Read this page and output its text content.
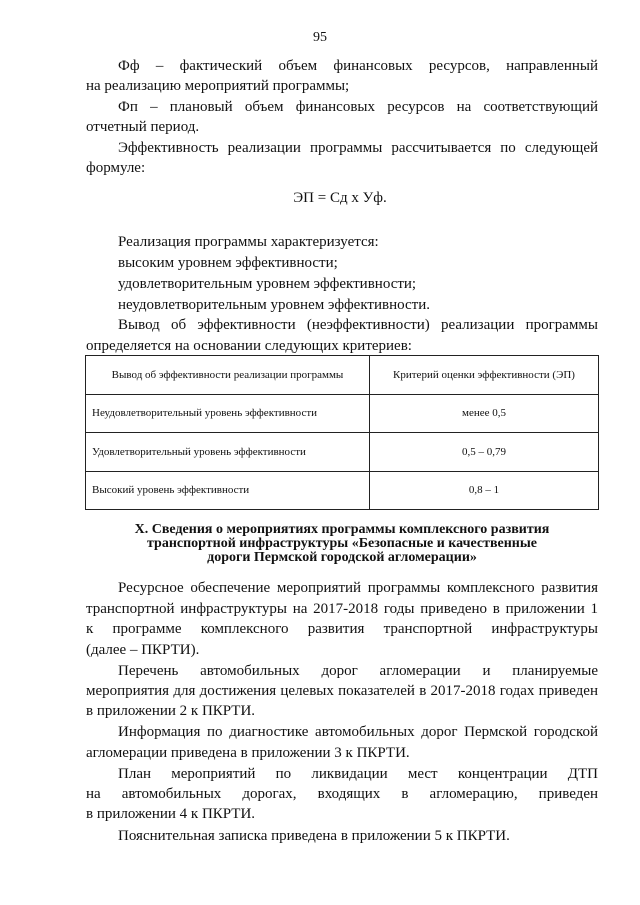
95
Фф – фактический объем финансовых ресурсов, направленный
на реализацию мероприятий программы;
Фп – плановый объем финансовых ресурсов на соответствующий
отчетный период.
Эффективность реализации программы рассчитывается по следующей
формуле:
ЭП = Сд х Уф.
Реализация программы характеризуется:
высоким уровнем эффективности;
удовлетворительным уровнем эффективности;
неудовлетворительным уровнем эффективности.
Вывод об эффективности (неэффективности) реализации программы
определяется на основании следующих критериев:
Вывод об эффективности реализации программы	Критерий оценки эффективности (ЭП)
Неудовлетворительный уровень эффективности	менее 0,5
Удовлетворительный уровень эффективности	0,5 – 0,79
Высокий уровень эффективности	0,8 – 1
X. Сведения о мероприятиях программы комплексного развития
транспортной инфраструктуры «Безопасные и качественные
дороги Пермской городской агломерации»
Ресурсное обеспечение мероприятий программы комплексного развития
транспортной инфраструктуры на 2017-2018 годы приведено в приложении 1
к программе комплексного развития транспортной инфраструктуры
(далее – ПКРТИ).
Перечень автомобильных дорог агломерации и планируемые
мероприятия для достижения целевых показателей в 2017-2018 годах приведен
в приложении 2 к ПКРТИ.
Информация по диагностике автомобильных дорог Пермской городской
агломерации приведена в приложении 3 к ПКРТИ.
План мероприятий по ликвидации мест концентрации ДТП
на автомобильных дорогах, входящих в агломерацию, приведен
в приложении 4 к ПКРТИ.
Пояснительная записка приведена в приложении 5 к ПКРТИ.
